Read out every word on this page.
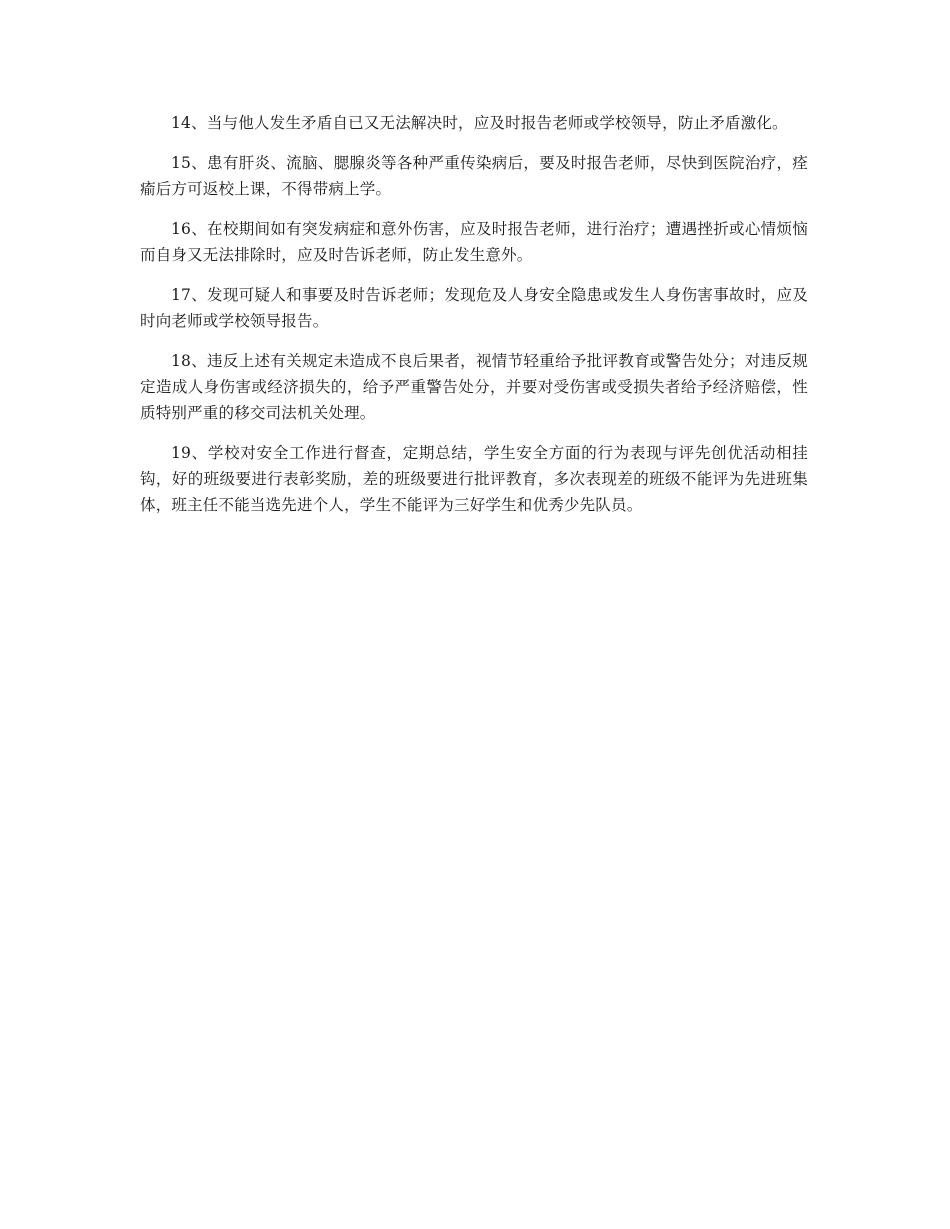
14、当与他人发生矛盾自已又无法解决时，应及时报告老师或学校领导，防止矛盾激化。

15、患有肝炎、流脑、腮腺炎等各种严重传染病后，要及时报告老师，尽快到医院治疗，痊瘉后方可返校上课，不得带病上学。

16、在校期间如有突发病症和意外伤害，应及时报告老师，进行治疗；遭遇挫折或心情烦恼而自身又无法排除时，应及时告诉老师，防止发生意外。

17、发现可疑人和事要及时告诉老师；发现危及人身安全隐患或发生人身伤害事故时，应及时向老师或学校领导报告。

18、违反上述有关规定未造成不良后果者，视情节轻重给予批评教育或警告处分；对违反规定造成人身伤害或经济损失的，给予严重警告处分，并要对受伤害或受损失者给予经济赔偿，性质特别严重的移交司法机关处理。

19、学校对安全工作进行督查，定期总结，学生安全方面的行为表现与评先创优活动相挂钩，好的班级要进行表彰奖励，差的班级要进行批评教育，多次表现差的班级不能评为先进班集体，班主任不能当选先进个人，学生不能评为三好学生和优秀少先队员。
